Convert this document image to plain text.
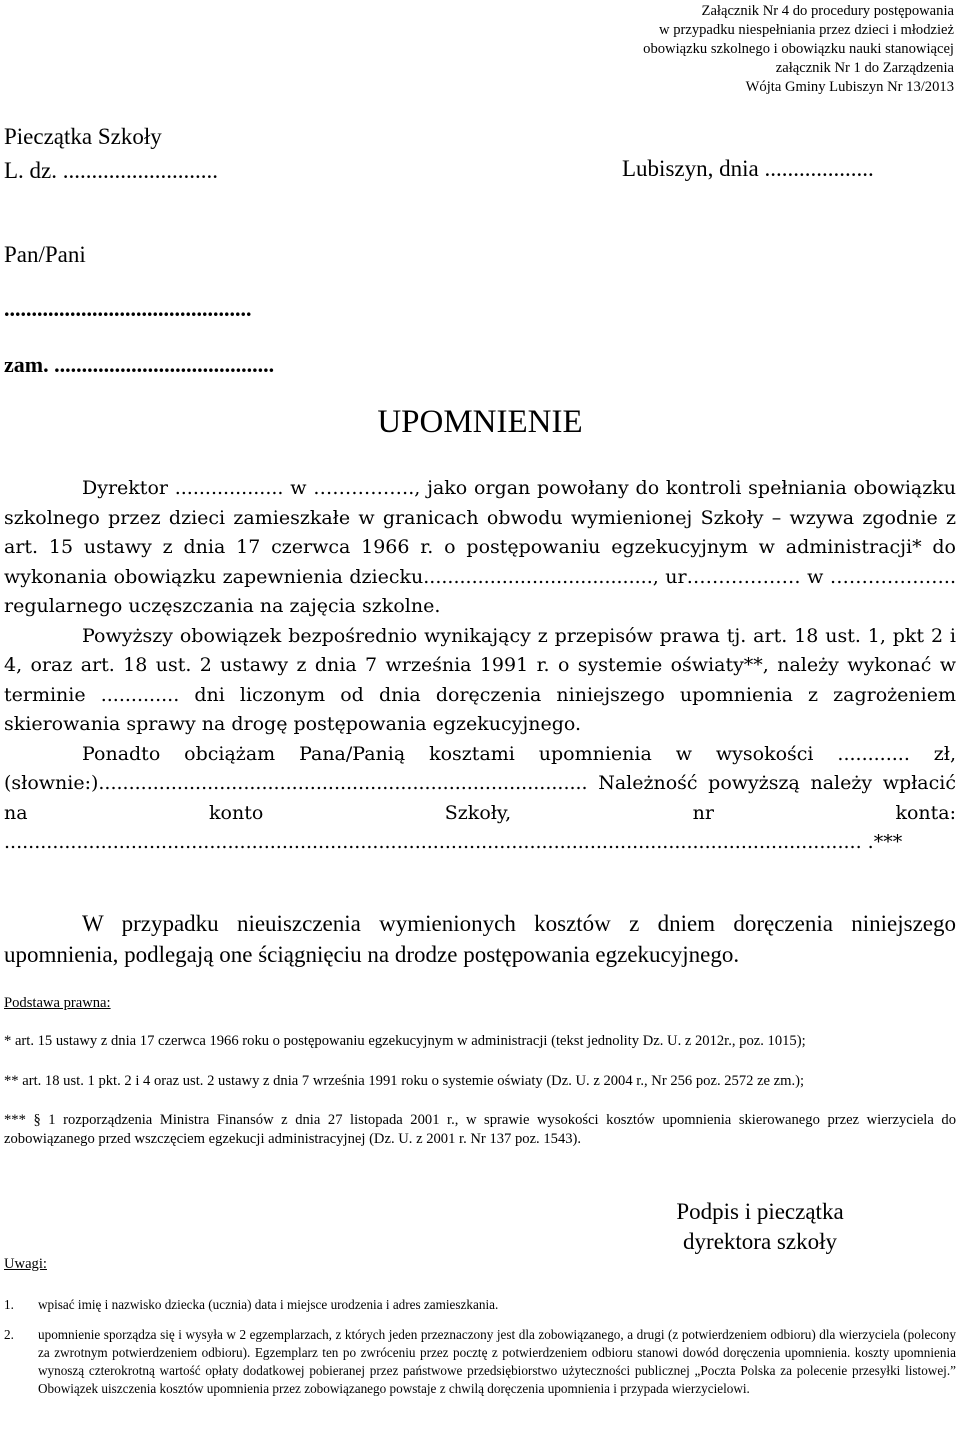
Załącznik Nr 4 do procedury postępowania
w przypadku niespełniania przez dzieci i młodzież
obowiązku szkolnego i obowiązku nauki stanowiącej
załącznik Nr 1 do Zarządzenia
Wójta Gminy Lubiszyn Nr 13/2013
Pieczątka Szkoły
L. dz. ...........................	Lubiszyn, dnia ...................
Pan/Pani
.............................................
zam. ........................................
UPOMNIENIE

Dyrektor .................. w ……………., jako organ powołany do kontroli spełniania obowiązku szkolnego przez dzieci zamieszkałe w granicach obwodu wymienionej Szkoły – wzywa zgodnie z art. 15 ustawy z dnia 17 czerwca 1966 r. o postępowaniu egzekucyjnym w administracji* do wykonania obowiązku zapewnienia dziecku......................................, ur……………… w ……………….. regularnego uczęszczania na zajęcia szkolne.

Powyższy obowiązek bezpośrednio wynikający z przepisów prawa tj. art. 18 ust. 1, pkt 2 i 4, oraz art. 18 ust. 2 ustawy z dnia 7 września 1991 r. o systemie oświaty**, należy wykonać w terminie ............. dni liczonym od dnia doręczenia niniejszego upomnienia z zagrożeniem skierowania sprawy na drogę postępowania egzekucyjnego.

Ponadto obciążam Pana/Panią kosztami upomnienia w wysokości ............ zł, (słownie:)................................................................................. Należność powyższą należy wpłacić na konto Szkoły, nr konta: .............................................................................................................................................. .***

W przypadku nieuiszczenia wymienionych kosztów z dniem doręczenia niniejszego upomnienia, podlegają one ściągnięciu na drodze postępowania egzekucyjnego.
Podstawa prawna:
* art. 15 ustawy z dnia 17 czerwca 1966 roku o postępowaniu egzekucyjnym w administracji (tekst jednolity Dz. U. z 2012r., poz. 1015);
** art. 18 ust. 1 pkt. 2 i 4 oraz ust. 2 ustawy z dnia 7 września 1991 roku o systemie oświaty (Dz. U. z 2004 r., Nr 256 poz. 2572 ze zm.);
*** § 1 rozporządzenia Ministra Finansów z dnia 27 listopada 2001 r., w sprawie wysokości kosztów upomnienia skierowanego przez wierzyciela do zobowiązanego przed wszczęciem egzekucji administracyjnej (Dz. U. z 2001 r. Nr 137 poz. 1543).
Podpis i pieczątka
dyrektora szkoły
Uwagi:
1. wpisać imię i nazwisko dziecka (ucznia) data i miejsce urodzenia i adres zamieszkania.
2. upomnienie sporządza się i wysyła w 2 egzemplarzach, z których jeden przeznaczony jest dla zobowiązanego, a drugi (z potwierdzeniem odbioru) dla wierzyciela (polecony za zwrotnym potwierdzeniem odbioru). Egzemplarz ten po zwróceniu przez pocztę z potwierdzeniem odbioru stanowi dowód doręczenia upomnienia. koszty upomnienia wynoszą czterokrotną wartość opłaty dodatkowej pobieranej przez państwowe przedsiębiorstwo użyteczności publicznej „Poczta Polska za polecenie przesyłki listowej.” Obowiązek uiszczenia kosztów upomnienia przez zobowiązanego powstaje z chwilą doręczenia upomnienia i przypada wierzycielowi.
